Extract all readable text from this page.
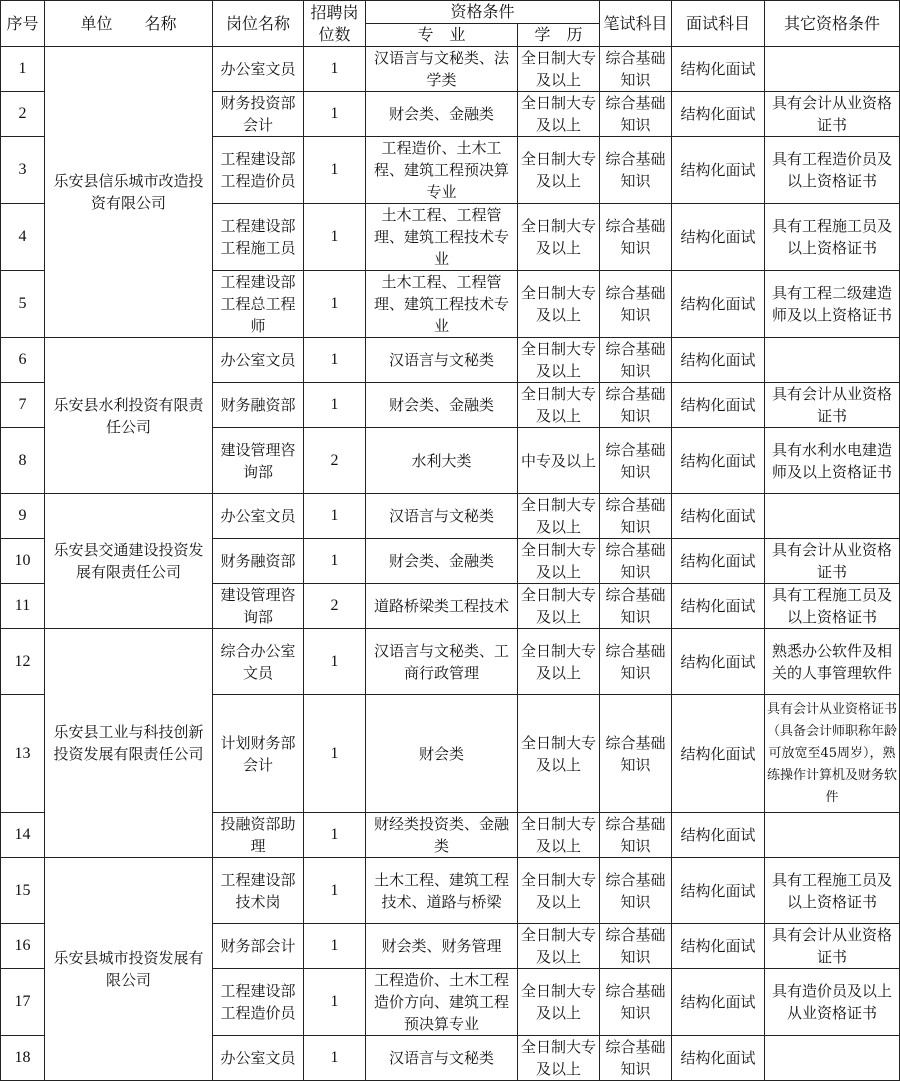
序号	单位　　名称	岗位名称	招聘岗位数	资格条件		笔试科目	面试科目	其它资格条件
				专　业	学　历			
1	乐安县信乐城市改造投资有限公司	办公室文员	1	汉语言与文秘类、法学类	全日制大专及以上	综合基础知识	结构化面试	
2		财务投资部会计	1	财会类、金融类	全日制大专及以上	综合基础知识	结构化面试	具有会计从业资格证书
3		工程建设部工程造价员	1	工程造价、土木工程、建筑工程预决算专业	全日制大专及以上	综合基础知识	结构化面试	具有工程造价员及以上资格证书
4		工程建设部工程施工员	1	土木工程、工程管理、建筑工程技术专业	全日制大专及以上	综合基础知识	结构化面试	具有工程施工员及以上资格证书
5		工程建设部工程总工程师	1	土木工程、工程管理、建筑工程技术专业	全日制大专及以上	综合基础知识	结构化面试	具有工程二级建造师及以上资格证书
6	乐安县水利投资有限责任公司	办公室文员	1	汉语言与文秘类	全日制大专及以上	综合基础知识	结构化面试	
7		财务融资部	1	财会类、金融类	全日制大专及以上	综合基础知识	结构化面试	具有会计从业资格证书
8		建设管理咨询部	2	水利大类	中专及以上	综合基础知识	结构化面试	具有水利水电建造师及以上资格证书
9	乐安县交通建设投资发展有限责任公司	办公室文员	1	汉语言与文秘类	全日制大专及以上	综合基础知识	结构化面试	
10		财务融资部	1	财会类、金融类	全日制大专及以上	综合基础知识	结构化面试	具有会计从业资格证书
11		建设管理咨询部	2	道路桥梁类工程技术	全日制大专及以上	综合基础知识	结构化面试	具有工程施工员及以上资格证书
12	乐安县工业与科技创新投资发展有限责任公司	综合办公室文员	1	汉语言与文秘类、工商行政管理	全日制大专及以上	综合基础知识	结构化面试	熟悉办公软件及相关的人事管理软件
13		计划财务部会计	1	财会类	全日制大专及以上	综合基础知识	结构化面试	具有会计从业资格证书（具备会计师职称年龄可放宽至45周岁），熟练操作计算机及财务软件
14		投融资部助理	1	财经类投资类、金融类	全日制大专及以上	综合基础知识	结构化面试	
15	乐安县城市投资发展有限公司	工程建设部技术岗	1	土木工程、建筑工程技术、道路与桥梁	全日制大专及以上	综合基础知识	结构化面试	具有工程施工员及以上资格证书
16		财务部会计	1	财会类、财务管理	全日制大专及以上	综合基础知识	结构化面试	具有会计从业资格证书
17		工程建设部工程造价员	1	工程造价、土木工程造价方向、建筑工程预决算专业	全日制大专及以上	综合基础知识	结构化面试	具有造价员及以上从业资格证书
18		办公室文员	1	汉语言与文秘类	全日制大专及以上	综合基础知识	结构化面试	
